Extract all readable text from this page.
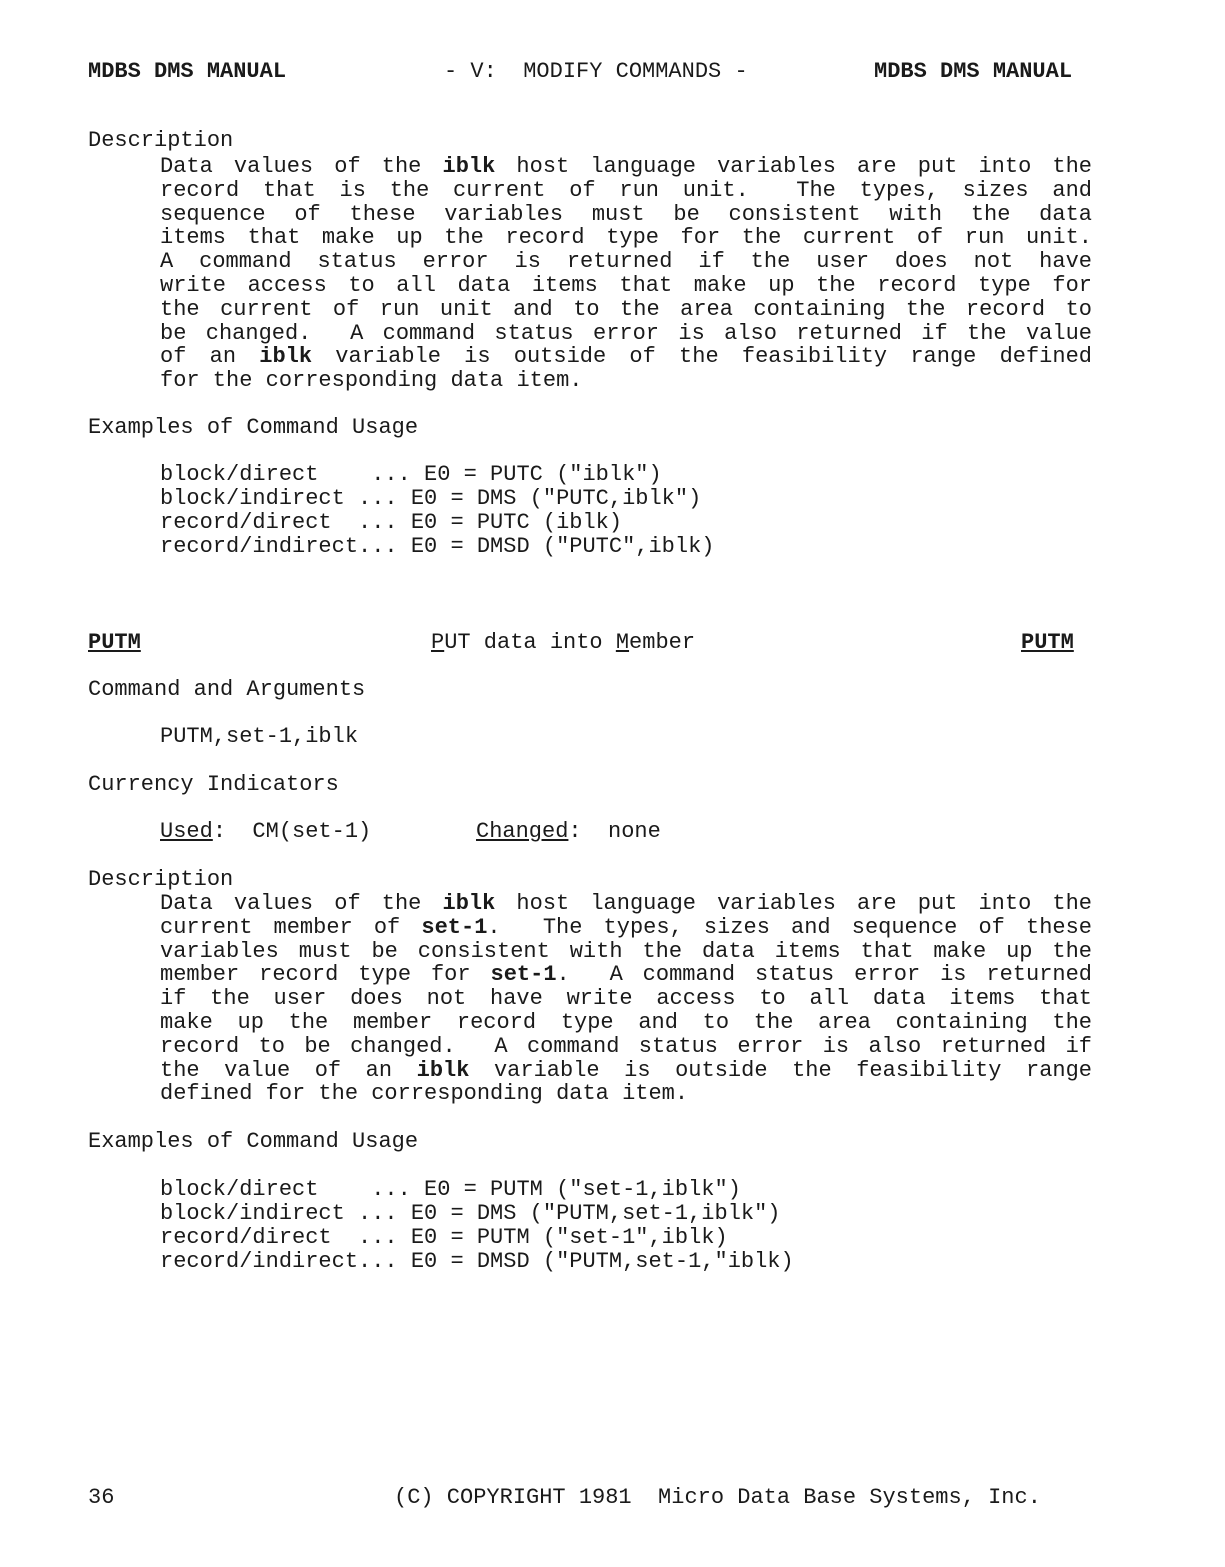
MDBS DMS MANUAL	- V:  MODIFY COMMANDS -	MDBS DMS MANUAL
Description
Data values of the iblk host language variables are put into the
record that is the current of run unit.  The types, sizes and
sequence of these variables must be consistent with the data
items that make up the record type for the current of run unit.
A command status error is returned if the user does not have
write access to all data items that make up the record type for
the current of run unit and to the area containing the record to
be changed.  A command status error is also returned if the value
of an iblk variable is outside of the feasibility range defined
for the corresponding data item.
Examples of Command Usage
block/direct    ... E0 = PUTC ("iblk")
block/indirect ... E0 = DMS ("PUTC,iblk")
record/direct  ... E0 = PUTC (iblk)
record/indirect... E0 = DMSD ("PUTC",iblk)
PUTM	PUT data into Member	PUTM
Command and Arguments
PUTM,set-1,iblk
Currency Indicators
Used:  CM(set-1)	Changed:  none
Description
Data values of the iblk host language variables are put into the
current member of set-1.  The types, sizes and sequence of these
variables must be consistent with the data items that make up the
member record type for set-1.  A command status error is returned
if the user does not have write access to all data items that
make up the member record type and to the area containing the
record to be changed.  A command status error is also returned if
the value of an iblk variable is outside the feasibility range
defined for the corresponding data item.
Examples of Command Usage
block/direct    ... E0 = PUTM ("set-1,iblk")
block/indirect ... E0 = DMS ("PUTM,set-1,iblk")
record/direct  ... E0 = PUTM ("set-1",iblk)
record/indirect... E0 = DMSD ("PUTM,set-1,"iblk)
36	(C) COPYRIGHT 1981  Micro Data Base Systems, Inc.
